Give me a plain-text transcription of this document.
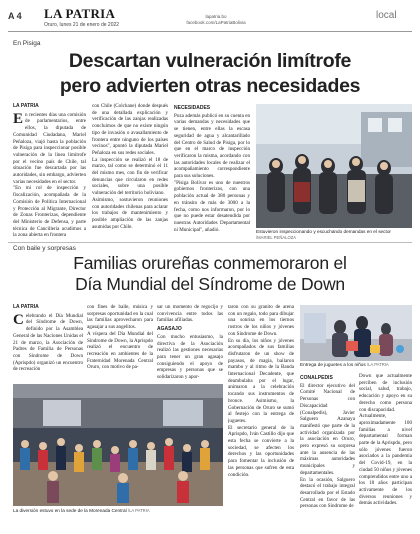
A 4 LA PATRIA
Oruro, lunes 21 de enero de 2022
lapatria.bo
facebook.com/LaPatriaBolivia
local
En Pisiga
Descartan vulneración limítrofe
pero advierten otras necesidades
LA PATRIA

En recientes días una comisión de parlamentarios, entre ellos, la diputada de Comunidad Ciudadana, Mariel Peñaloza, viajó hasta la población de Pisiga para inspeccionar posible vulneración de la línea limítrofe por el vecino país de Chile, tal situación fue descartada por las autoridades, sin embargo, advierten varias necesidades en el sector.

"En mi rol de inspección y fiscalización, acompañada de la Comisión de Política Internacional y Protección al Migrante, Director de Zonas Fronterizas, dependiente del Ministerio de Defensa, y parte técnica de Cancillería acudimos a la zona abierta en frontera

con Chile (Colchane) donde después de una detallada explicación y verificación de las zanjas realizadas concluimos de que no existe ningún tipo de invasión o avasallamiento de frontera entre ninguno de los países vecinos", apuntó la diputada Mariel Peñaloza en sus redes sociales.

La inspección se realizó el 18 de marzo, tal como se determinó el 11 del mismo mes, con fin de verificar denuncias que circularon en redes sociales, sobre una posible vulneración del territorio boliviano.

Asimismo, sostuvieron reuniones con autoridades chilenas para aclarar los trabajos de mantenimiento y posible ampliación de las zanjas asumidas por Chile.

NECESIDADES

Poza además publicó en su cuenta en varias demandas y necesidades que se tienen, entre ellas la escasa seguridad de agua y alcantarillado del Centro de Salud de Pisiga, por lo que en el marco de inspección verificaron la misma, acordando con las autoridades locales de realizar el acompañamiento correspondiente para sus soluciones.

"Pisiga Bolívar es uno de nuestros gobiernos fronterizos, con una población actual de 380 personas y en tránsito de más de 3000 a la fecha, como nos informaron, por lo que no puede estar desatendida por nuestras Autoridades Departamental ni Municipal", añadió.	Estuvieron inspeccionando y escuchando demandas en el sector
/MARIEL PEÑALOZA
Con baile y sorpresas
Familias orureñas conmemoraron el
Día Mundial del Síndrome de Down
LA PATRIA

Celebrando el Día Mundial del Síndrome de Down, definido por la Asamblea General de las Naciones Unidas el 21 de marzo, la Asociación de Padres de Familia de Personas con Síndrome de Down (Aprispdo) organizó un encuentro de recreación

con fines de baile, música y sorpresas oportunidad en la cual las familias aprovecharon para agasajar a sus angelitos.

A víspera del Día Mundial del Síndrome de Down, la Aprispdo realizó el encuentro de recreación en ambientes de la Fraternidad Morenada Central Oruro, con motivo de pa-

sar un momento de regocijo y convivencia entre todos las familias afiliadas.

AGASAJO

Con mucho entusiasmo, la directiva de la Asociación realizó las gestiones necesarias para tener un gran agasajo consiguiendo el apoyo de empresas y personas que se solidarizaron y apor-

taron con su granito de arena con un regalo, todo para dibujar una sonrisa en los tiernos rostros de los niños y jóvenes con Síndrome de Down.

En su día, los niños y jóvenes acompañados de sus familias disfrutaron de un show de payasos, de magia, bailaron mambo y al ritmo de la Banda Internacional Decadente, que deambulaba por el lugar, animaron a la celebración tocando sus instrumentos de bronce. Asimismo, la Gobernación de Oruro se sumó al festejo con la entrega de juguetes.

El secretario general de la Aprispdo, Iván Castillo dijo que esta fecha se convierte a la sociedad, se afecten los derechos y las oportunidades para fomentar la inclusión de las personas que sufren de esta condición.

Entrega de juguetes a los niños /LA PATRIA
CONALPEDIS

El director ejecutivo del Comité Nacional de Personas con Discapacidad (Conalpedis), Javier Salguero Azanaya manifestó que parte de la actividad organizada por la asociación en Oruro, pero expresó su sorpresa ante la ausencia de las máximas autoridades municipales y departamentales.

En la ocasión, Salguero destacó el trabajo integral desarrollado por el Estado Central en favor de las personas con Síndrome de

Down que actualmente perciben de inclusión social, salud, trabajo, educación y apoyo en su derecho como persona con discapacidad.

Actualmente, aproximadamente 100 familias a nivel departamental forman parte de la Aprispdo, pero sólo jóvenes fueron asociados a la pandemia del Covid-19, en la ciudad 50 niños y jóvenes comprendidos entre uno a los 18 años participan activamente de los diversos reuniones y demás actividades.

La diversión estuvo en la sede de la Morenada Central /LA PATRIA
